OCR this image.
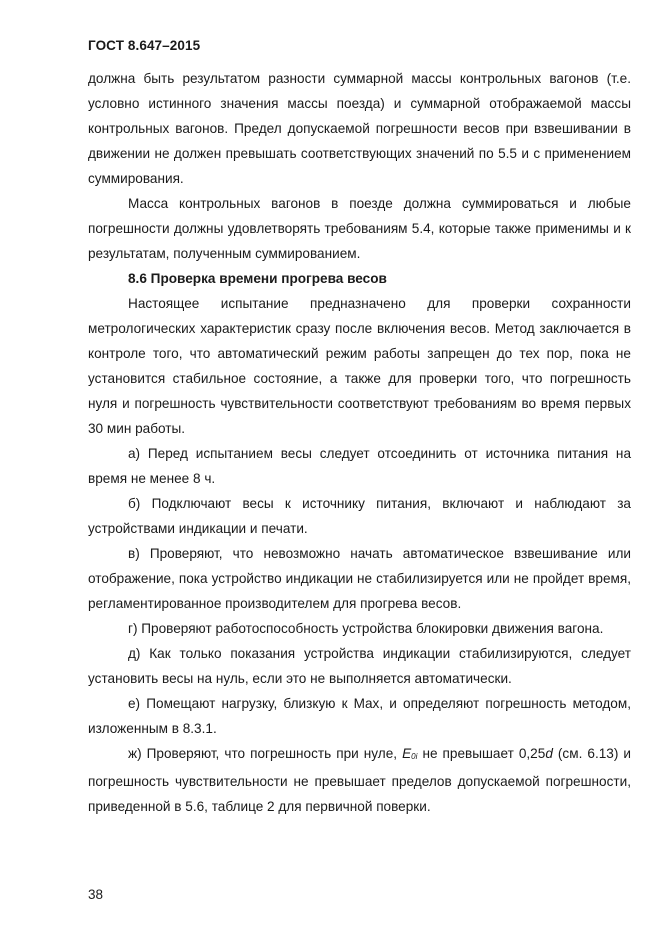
ГОСТ 8.647–2015

должна быть результатом разности суммарной массы контрольных вагонов (т.е. условно истинного значения массы поезда) и суммарной отображаемой массы контрольных вагонов. Предел допускаемой погрешности весов при взвешивании в движении не должен превышать соответствующих значений по 5.5 и с применением суммирования.

Масса контрольных вагонов в поезде должна суммироваться и любые погрешности должны удовлетворять требованиям 5.4, которые также применимы и к результатам, полученным суммированием.

8.6 Проверка времени прогрева весов

Настоящее испытание предназначено для проверки сохранности метрологических характеристик сразу после включения весов. Метод заключается в контроле того, что автоматический режим работы запрещен до тех пор, пока не установится стабильное состояние, а также для проверки того, что погрешность нуля и погрешность чувствительности соответствуют требованиям во время первых 30 мин работы.

а) Перед испытанием весы следует отсоединить от источника питания на время не менее 8 ч.

б) Подключают весы к источнику питания, включают и наблюдают за устройствами индикации и печати.

в) Проверяют, что невозможно начать автоматическое взвешивание или отображение, пока устройство индикации не стабилизируется или не пройдет время, регламентированное производителем для прогрева весов.

г) Проверяют работоспособность устройства блокировки движения вагона.

д) Как только показания устройства индикации стабилизируются, следует установить весы на нуль, если это не выполняется автоматически.

е) Помещают нагрузку, близкую к Max, и определяют погрешность методом, изложенным в 8.3.1.

ж) Проверяют, что погрешность при нуле, $E_{0i}$ не превышает 0,25d (см. 6.13) и погрешность чувствительности не превышает пределов допускаемой погрешности, приведенной в 5.6, таблице 2 для первичной поверки.

38
